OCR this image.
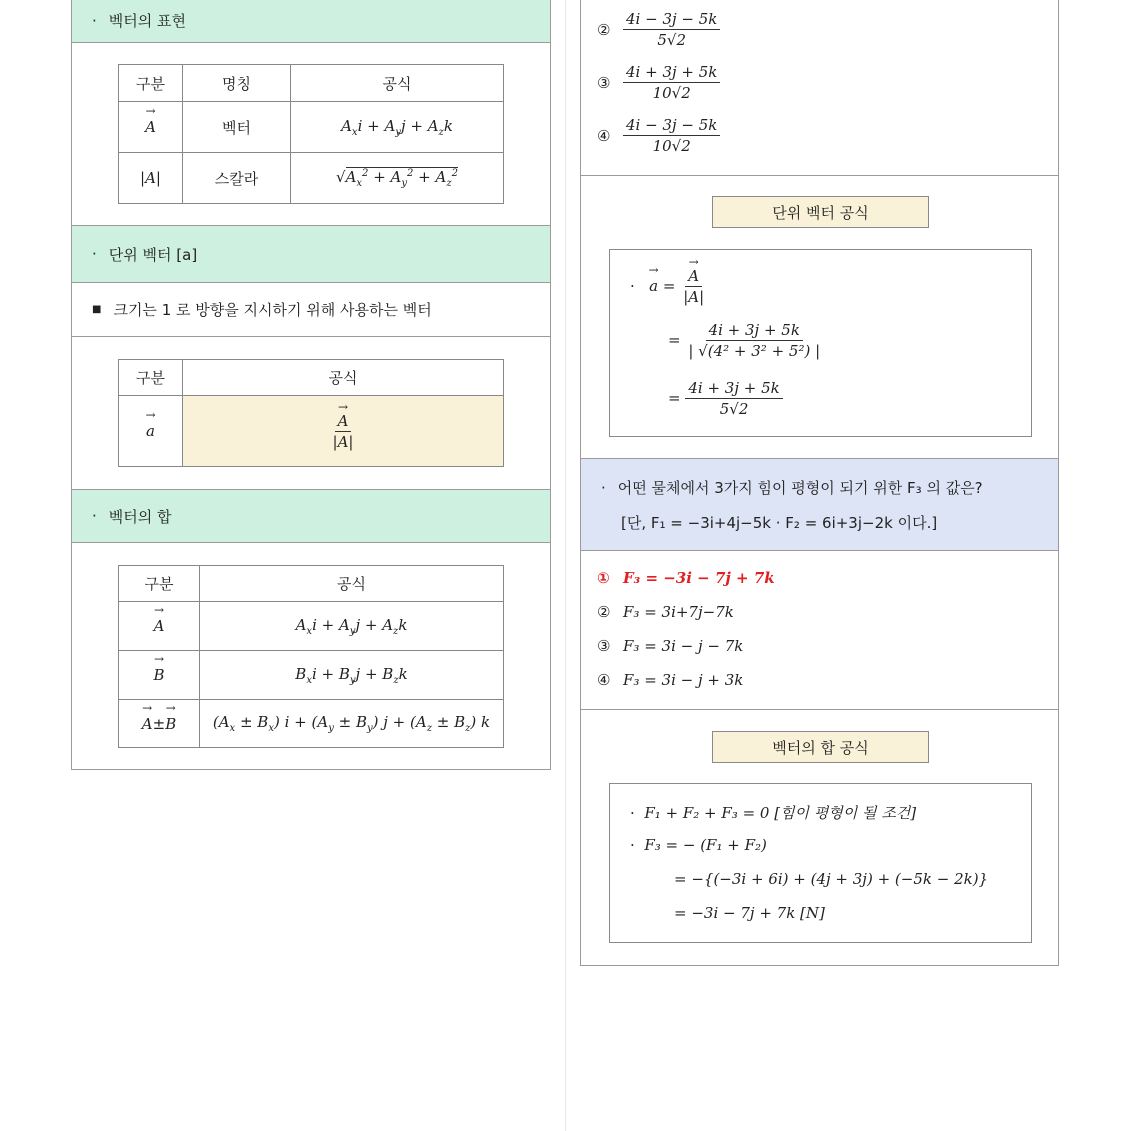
· 벡터의 표현
구분	명칭	공식
→ A	벡터	$A_xi + A_yj + A_zk$
|A|	스칼라	$√A_x^2 + A_y^2 + A_z^2$
· 단위 벡터 [a]
■ 크기는 1 로 방향을 지시하기 위해 사용하는 벡터
구분	공식
→ a	→ $\frac{A}{|A|}$
· 벡터의 합
구분	공식
→ A	$A_xi + A_yj + A_zk$
→ B	$B_xi + B_yj + B_zk$
→ A±→ B	$(A_x \pm B_x) i + (A_y \pm B_y) j + (A_z \pm B_z)$ k
② $\frac{4i - 3j - 5k}{5√2}$
③ $\frac{4i + 3j + 5k}{10√2}$
④ $\frac{4i - 3j - 5k}{10√2}$
단위 벡터 공식
· → a = → $\frac{A}{|A|}$
= $\frac{4i + 3j + 5k}{\text{| √(4² + 3² + 5²) |}}$
= $\frac{4i + 3j + 5k}{5√2}$
· 어떤 물체에서 3가지 힘이 평형이 되기 위한 F₃ 의 값은?
[단, F₁ = −3i+4j−5k · F₂ = 6i+3j−2k 이다.]
① F₃ = −3i − 7j + 7k
② F₃ = 3i+7j−7k
③ F₃ = 3i − j − 7k
④ F₃ = 3i − j + 3k
벡터의 합 공식
· F₁ + F₂ + F₃ = 0 [힘이 평형이 될 조건]
· F₃ = − (F₁ + F₂)
= −{(−3i + 6i) + (4j + 3j) + (−5k − 2k)}
= −3i − 7j + 7k [N]
